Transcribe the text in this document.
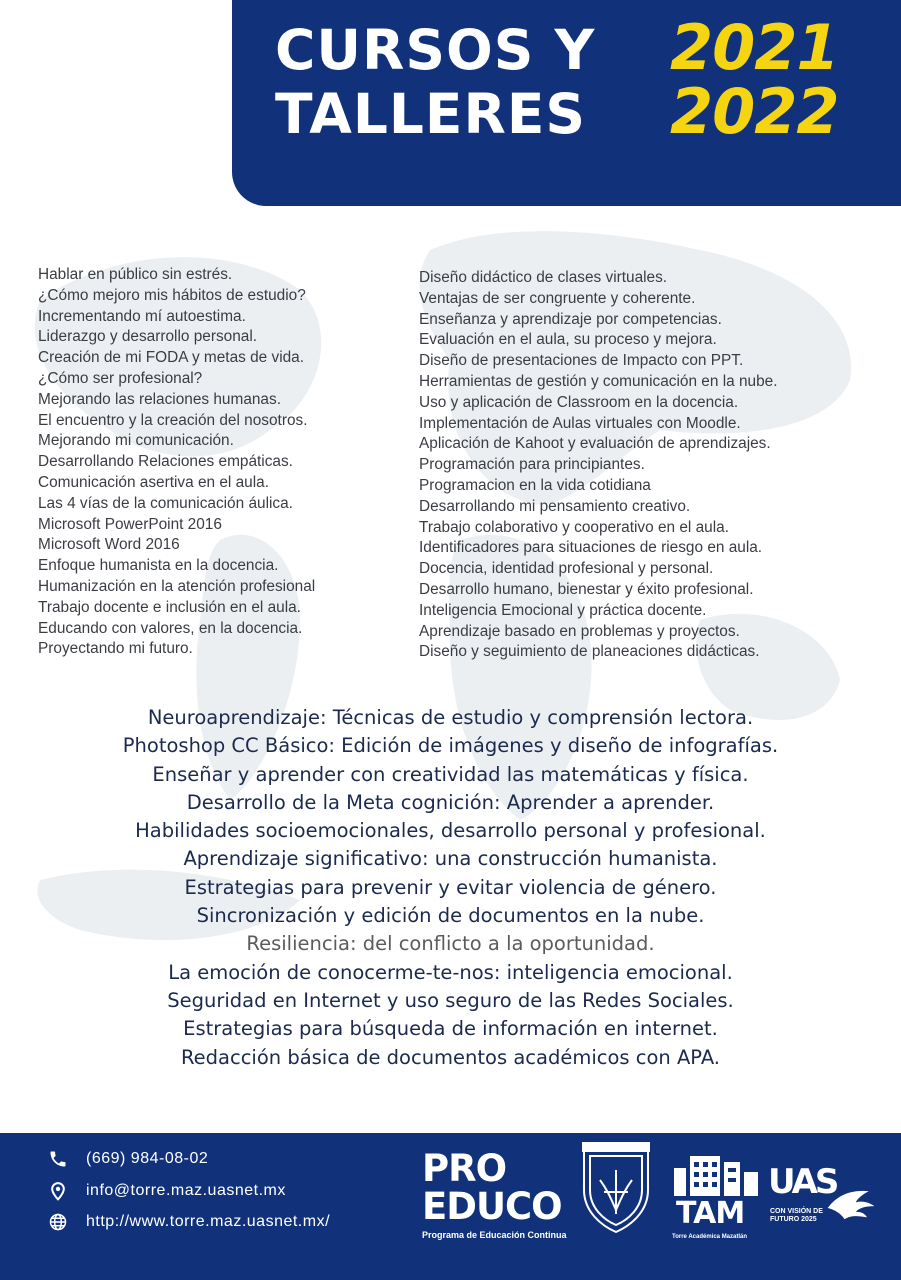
CURSOS Y
TALLERES
2021
2022
Hablar en público sin estrés.
¿Cómo mejoro mis hábitos de estudio?
Incrementando mí autoestima.
Liderazgo y desarrollo personal.
Creación de mi FODA y metas de vida.
¿Cómo ser profesional?
Mejorando las relaciones humanas.
El encuentro y la creación del nosotros.
Mejorando mi comunicación.
Desarrollando Relaciones empáticas.
Comunicación asertiva en el aula.
Las 4 vías de la comunicación áulica.
Microsoft PowerPoint 2016
Microsoft Word 2016
Enfoque humanista en la docencia.
Humanización en la atención profesional
Trabajo docente e inclusión en el aula.
Educando con valores, en la docencia.
Proyectando mi futuro.
Diseño didáctico de clases virtuales.
Ventajas de ser congruente y coherente.
Enseñanza y aprendizaje por competencias.
Evaluación en el aula, su proceso y mejora.
Diseño de presentaciones de Impacto con PPT.
Herramientas de gestión y comunicación en la nube.
Uso y aplicación de Classroom en la docencia.
Implementación de Aulas virtuales con Moodle.
Aplicación de Kahoot y evaluación de aprendizajes.
Programación para principiantes.
Programacion en la vida cotidiana
Desarrollando mi pensamiento creativo.
Trabajo colaborativo y cooperativo en el aula.
Identificadores para situaciones de riesgo en aula.
Docencia, identidad profesional y personal.
Desarrollo humano, bienestar y éxito profesional.
Inteligencia Emocional y práctica docente.
Aprendizaje basado en problemas y proyectos.
Diseño y seguimiento de planeaciones didácticas.
Neuroaprendizaje: Técnicas de estudio y comprensión lectora.
Photoshop CC Básico: Edición de imágenes y diseño de infografías.
Enseñar y aprender con creatividad las matemáticas y física.
Desarrollo de la Meta cognición: Aprender a aprender.
Habilidades socioemocionales, desarrollo personal y profesional.
Aprendizaje significativo: una construcción humanista.
Estrategias para prevenir y evitar violencia de género.
Sincronización y edición de documentos en la nube.
Resiliencia: del conflicto a la oportunidad.
La emoción de conocerme-te-nos: inteligencia emocional.
Seguridad en Internet y uso seguro de las Redes Sociales.
Estrategias para búsqueda de información en internet.
Redacción básica de documentos académicos con APA.
(669) 984-08-02
info@torre.maz.uasnet.mx
http://www.torre.maz.uasnet.mx/
PRO
EDUCO
Programa de Educación Continua
TAM
Torre Académica Mazatlán
UAS
CON VISIÓN DE FUTURO 2025
